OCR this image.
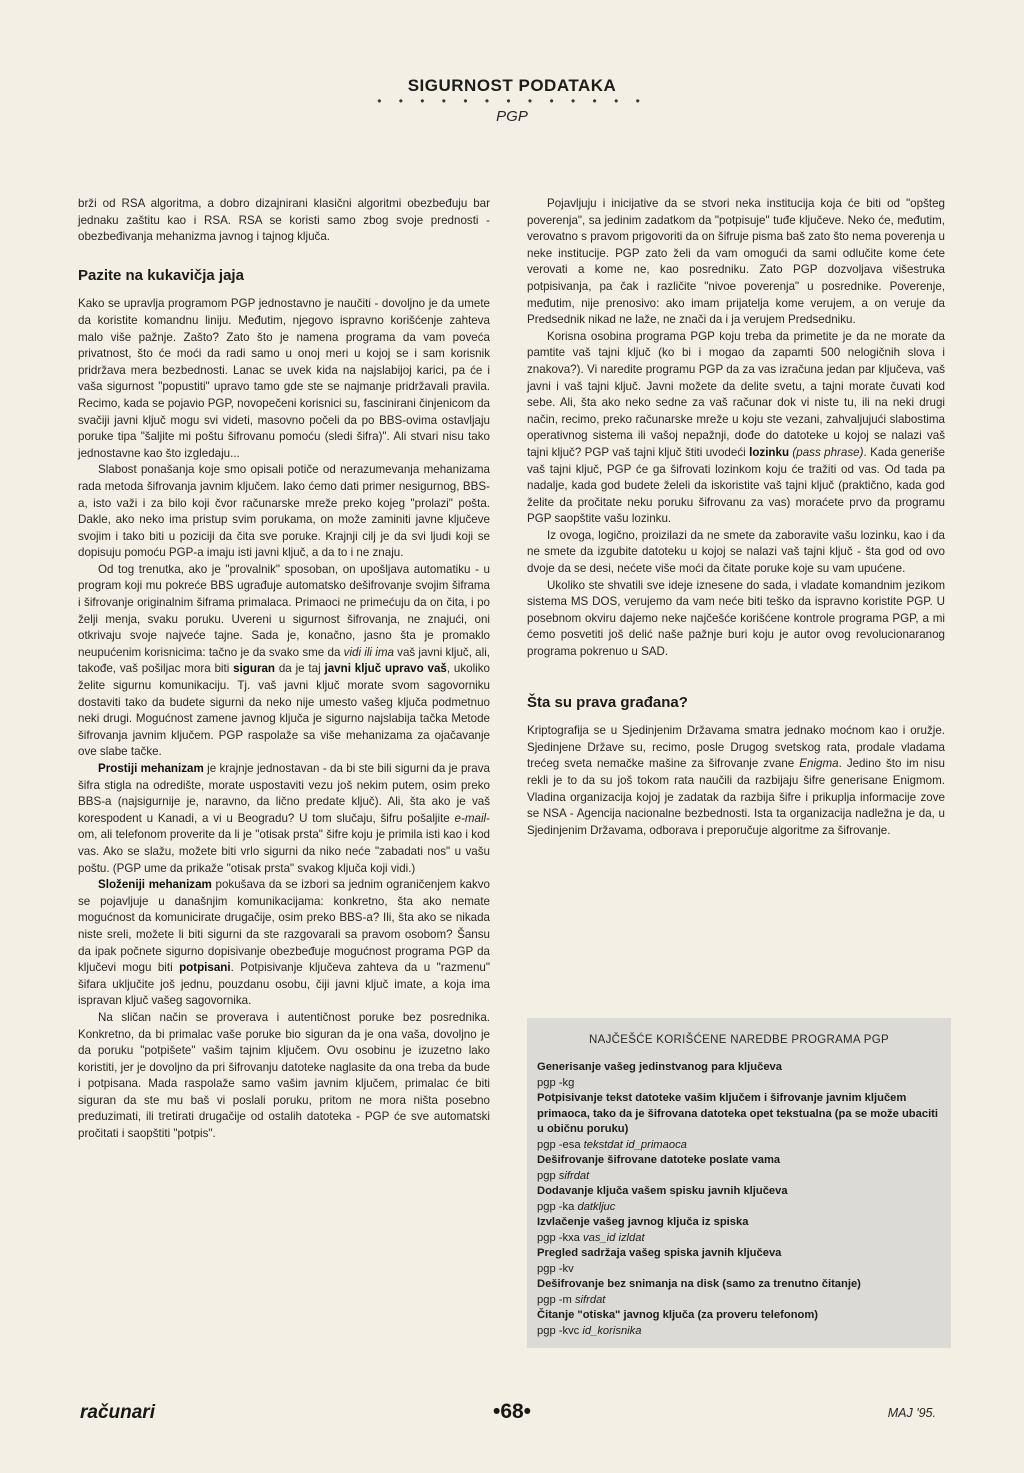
SIGURNOST PODATAKA
• • • • • • • • • • • • •
PGP

brži od RSA algoritma, a dobro dizajnirani klasični algoritmi obezbeđuju bar jednaku zaštitu kao i RSA. RSA se koristi samo zbog svoje prednosti - obezbeđivanja mehanizma javnog i tajnog ključa.

Pazite na kukavičja jaja

Kako se upravlja programom PGP jednostavno je naučiti - dovoljno je da umete da koristite komandnu liniju. Međutim, njegovo ispravno korišćenje zahteva malo više pažnje. Zašto? Zato što je namena programa da vam poveća privatnost, što će moći da radi samo u onoj meri u kojoj se i sam korisnik pridržava mera bezbednosti. Lanac se uvek kida na najslabijoj karici, pa će i vaša sigurnost "popustiti" upravo tamo gde ste se najmanje pridržavali pravila. Recimo, kada se pojavio PGP, novopečeni korisnici su, fascinirani činjenicom da svačiji javni ključ mogu svi videti, masovno počeli da po BBS-ovima ostavljaju poruke tipa "šaljite mi poštu šifrovanu pomoću (sledi šifra)". Ali stvari nisu tako jednostavne kao što izgledaju...

Slabost ponašanja koje smo opisali potiče od nerazumevanja mehanizama rada metoda šifrovanja javnim ključem. Iako ćemo dati primer nesigurnog, BBS-a, isto važi i za bilo koji čvor računarske mreže preko kojeg "prolazi" pošta. Dakle, ako neko ima pristup svim porukama, on može zaminiti javne ključeve svojim i tako biti u poziciji da čita sve poruke. Krajnji cilj je da svi ljudi koji se dopisuju pomoću PGP-a imaju isti javni ključ, a da to i ne znaju.

Od tog trenutka, ako je "provalnik" sposoban, on upošljava automatiku - u program koji mu pokreće BBS ugrađuje automatsko dešifrovanje svojim šiframa i šifrovanje originalnim šiframa primalaca. Primaoci ne primećuju da on čita, i po želji menja, svaku poruku. Uvereni u sigurnost šifrovanja, ne znajući, oni otkrivaju svoje najveće tajne. Sada je, konačno, jasno šta je promaklo neupućenim korisnicima: tačno je da svako sme da vidi ili ima vaš javni ključ, ali, takođe, vaš pošiljac mora biti siguran da je taj javni ključ upravo vaš, ukoliko želite sigurnu komunikaciju. Tj. vaš javni ključ morate svom sagovorniku dostaviti tako da budete sigurni da neko nije umesto vašeg ključa podmetnuo neki drugi. Mogućnost zamene javnog ključa je sigurno najslabija tačka Metode šifrovanja javnim ključem. PGP raspolaže sa više mehanizama za ojačavanje ove slabe tačke.

Prostiji mehanizam je krajnje jednostavan - da bi ste bili sigurni da je prava šifra stigla na odredište, morate uspostaviti vezu još nekim putem, osim preko BBS-a (najsigurnije je, naravno, da lično predate ključ). Ali, šta ako je vaš korespodent u Kanadi, a vi u Beogradu? U tom slučaju, šifru pošaljite e-mail-om, ali telefonom proverite da li je "otisak prsta" šifre koju je primila isti kao i kod vas. Ako se slažu, možete biti vrlo sigurni da niko neće "zabadati nos" u vašu poštu. (PGP ume da prikaže "otisak prsta" svakog ključa koji vidi.)

Složeniji mehanizam pokušava da se izbori sa jednim ograničenjem kakvo se pojavljuje u današnjim komunikacijama: konkretno, šta ako nemate mogućnost da komunicirate drugačije, osim preko BBS-a? Ili, šta ako se nikada niste sreli, možete li biti sigurni da ste razgovarali sa pravom osobom? Šansu da ipak počnete sigurno dopisivanje obezbeđuje mogućnost programa PGP da ključevi mogu biti potpisani. Potpisivanje ključeva zahteva da u "razmenu" šifara uključite još jednu, pouzdanu osobu, čiji javni ključ imate, a koja ima ispravan ključ vašeg sagovornika.

Na sličan način se proverava i autentičnost poruke bez posrednika. Konkretno, da bi primalac vaše poruke bio siguran da je ona vaša, dovoljno je da poruku "potpišete" vašim tajnim ključem. Ovu osobinu je izuzetno lako koristiti, jer je dovoljno da pri šifrovanju datoteke naglasite da ona treba da bude i potpisana. Mada raspolaže samo vašim javnim ključem, primalac će biti siguran da ste mu baš vi poslali poruku, pritom ne mora ništa posebno preduzimati, ili tretirati drugačije od ostalih datoteka - PGP će sve automatski pročitati i saopštiti "potpis".

Pojavljuju i inicijative da se stvori neka institucija koja će biti od "opšteg poverenja", sa jedinim zadatkom da "potpisuje" tuđe ključeve. Neko će, međutim, verovatno s pravom prigovoriti da on šifruje pisma baš zato što nema poverenja u neke institucije. PGP zato želi da vam omogući da sami odlučite kome ćete verovati a kome ne, kao posredniku. Zato PGP dozvoljava višestruka potpisivanja, pa čak i različite "nivoe poverenja" u posrednike. Poverenje, međutim, nije prenosivo: ako imam prijatelja kome verujem, a on veruje da Predsednik nikad ne laže, ne znači da i ja verujem Predsedniku.

Korisna osobina programa PGP koju treba da primetite je da ne morate da pamtite vaš tajni ključ (ko bi i mogao da zapamti 500 nelogičnih slova i znakova?). Vi naredite programu PGP da za vas izračuna jedan par ključeva, vaš javni i vaš tajni ključ. Javni možete da delite svetu, a tajni morate čuvati kod sebe. Ali, šta ako neko sedne za vaš računar dok vi niste tu, ili na neki drugi način, recimo, preko računarske mreže u koju ste vezani, zahvaljujući slabostima operativnog sistema ili vašoj nepažnji, dođe do datoteke u kojoj se nalazi vaš tajni ključ? PGP vaš tajni ključ štiti uvodeći lozinku (pass phrase). Kada generiše vaš tajni ključ, PGP će ga šifrovati lozinkom koju će tražiti od vas. Od tada pa nadalje, kada god budete želeli da iskoristite vaš tajni ključ (praktično, kada god želite da pročitate neku poruku šifrovanu za vas) moraćete prvo da programu PGP saopštite vašu lozinku.

Iz ovoga, logično, proizilazi da ne smete da zaboravite vašu lozinku, kao i da ne smete da izgubite datoteku u kojoj se nalazi vaš tajni ključ - šta god od ovo dvoje da se desi, nećete više moći da čitate poruke koje su vam upućene.

Ukoliko ste shvatili sve ideje iznesene do sada, i vladate komandnim jezikom sistema MS DOS, verujemo da vam neće biti teško da ispravno koristite PGP. U posebnom okviru dajemo neke najčešće korišćene kontrole programa PGP, a mi ćemo posvetiti još delić naše pažnje buri koju je autor ovog revolucionaranog programa pokrenuo u SAD.

Šta su prava građana?

Kriptografija se u Sjedinjenim Državama smatra jednako moćnom kao i oružje. Sjedinjene Države su, recimo, posle Drugog svetskog rata, prodale vladama trećeg sveta nemačke mašine za šifrovanje zvane Enigma. Jedino što im nisu rekli je to da su još tokom rata naučili da razbijaju šifre generisane Enigmom. Vladina organizacija kojoj je zadatak da razbija šifre i prikuplja informacije zove se NSA - Agencija nacionalne bezbednosti. Ista ta organizacija nadležna je da, u Sjedinjenim Državama, odborava i preporučuje algoritme za šifrovanje.

NAJČEŠĆE KORIŠĆENE NAREDBE PROGRAMA PGP
Generisanje vašeg jedinstvanog para ključeva
pgp -kg
Potpisivanje tekst datoteke vašim ključem i šifrovanje javnim ključem primaoca, tako da je šifrovana datoteka opet tekstualna (pa se može ubaciti u običnu poruku)
pgp -esa tekstdat id_primaoca
Dešifrovanje šifrovane datoteke poslate vama
pgp sifrdat
Dodavanje ključa vašem spisku javnih ključeva
pgp -ka datkljuc
Izvlačenje vašeg javnog ključa iz spiska
pgp -kxa vas_id izldat
Pregled sadržaja vašeg spiska javnih ključeva
pgp -kv
Dešifrovanje bez snimanja na disk (samo za trenutno čitanje)
pgp -m sifrdat
Čitanje "otiska" javnog ključa (za proveru telefonom)
pgp -kvc id_korisnika
računari	•68•	MAJ '95.
